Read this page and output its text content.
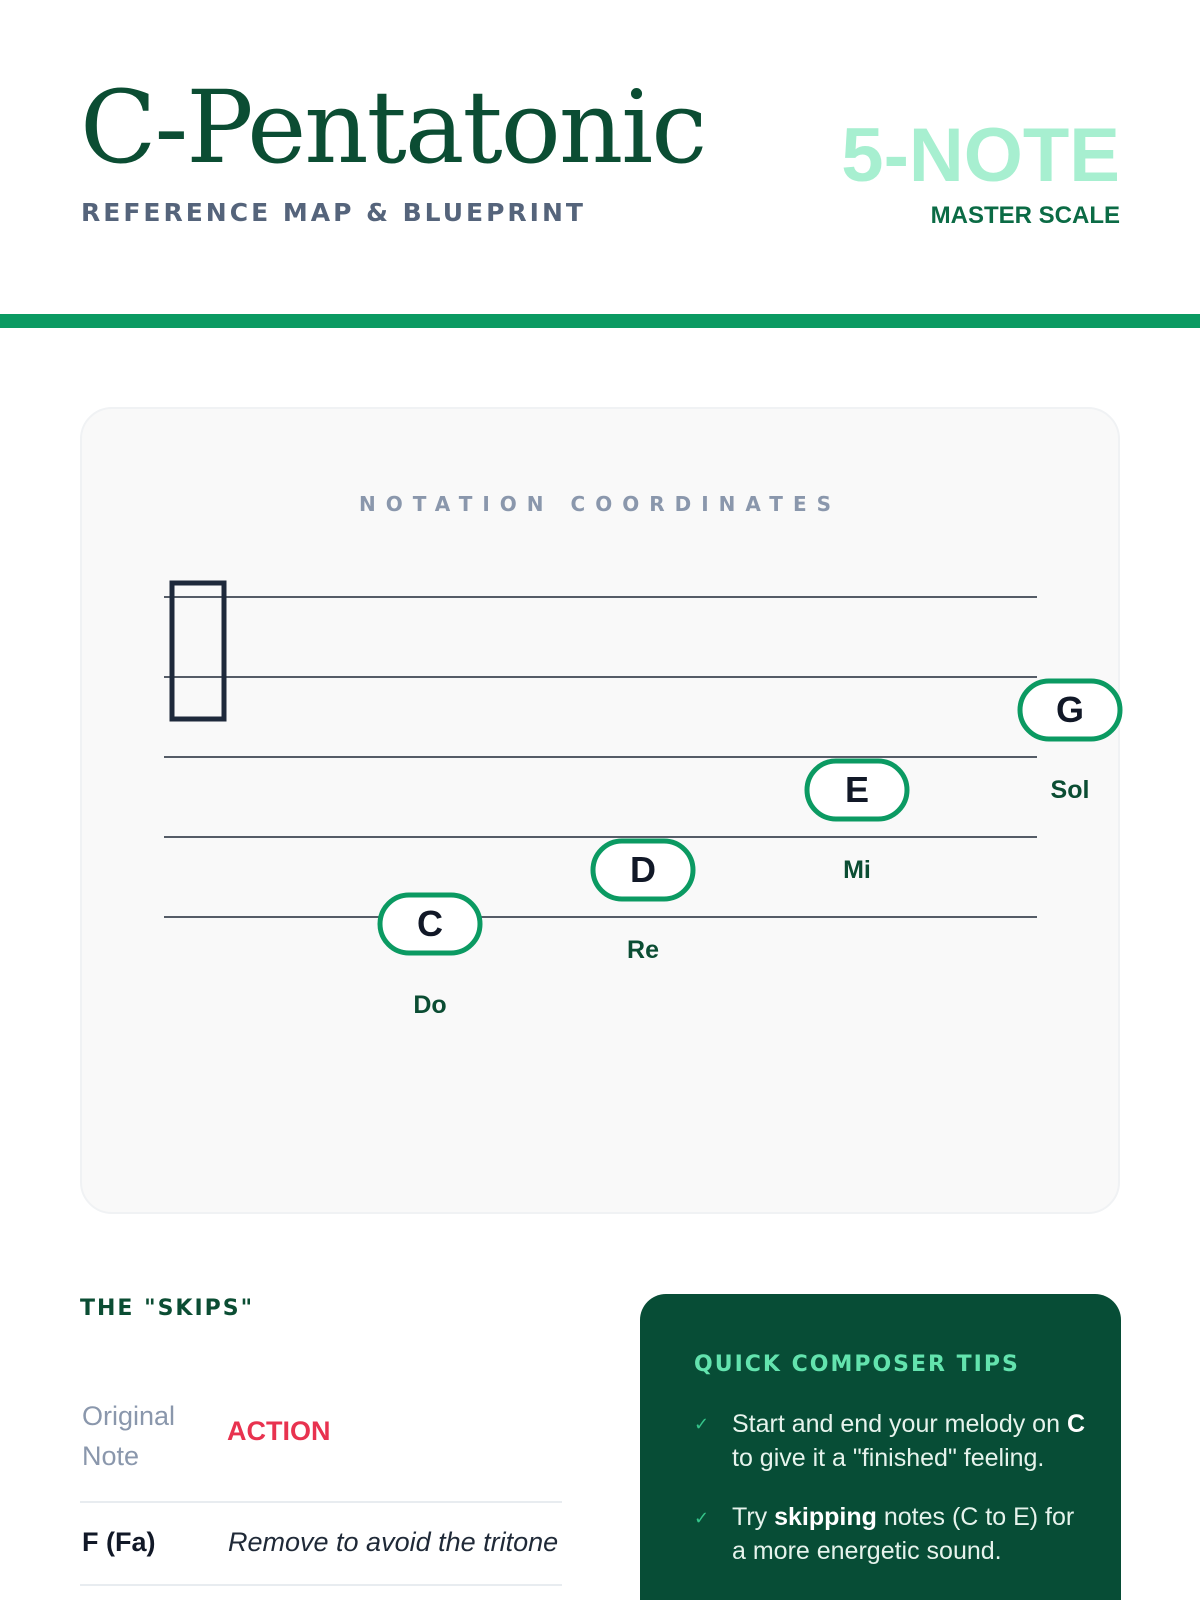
C-Pentatonic
REFERENCE MAP & BLUEPRINT
5-NOTE
MASTER SCALE
NOTATION COORDINATES
C
Do
D
Re
E
Mi
G
Sol
THE "SKIPS"
Original Note
ACTION
F (Fa)	Remove to avoid the tritone
QUICK COMPOSER TIPS
✓ Start and end your melody on C to give it a "finished" feeling.
✓ Try skipping notes (C to E) for a more energetic sound.
